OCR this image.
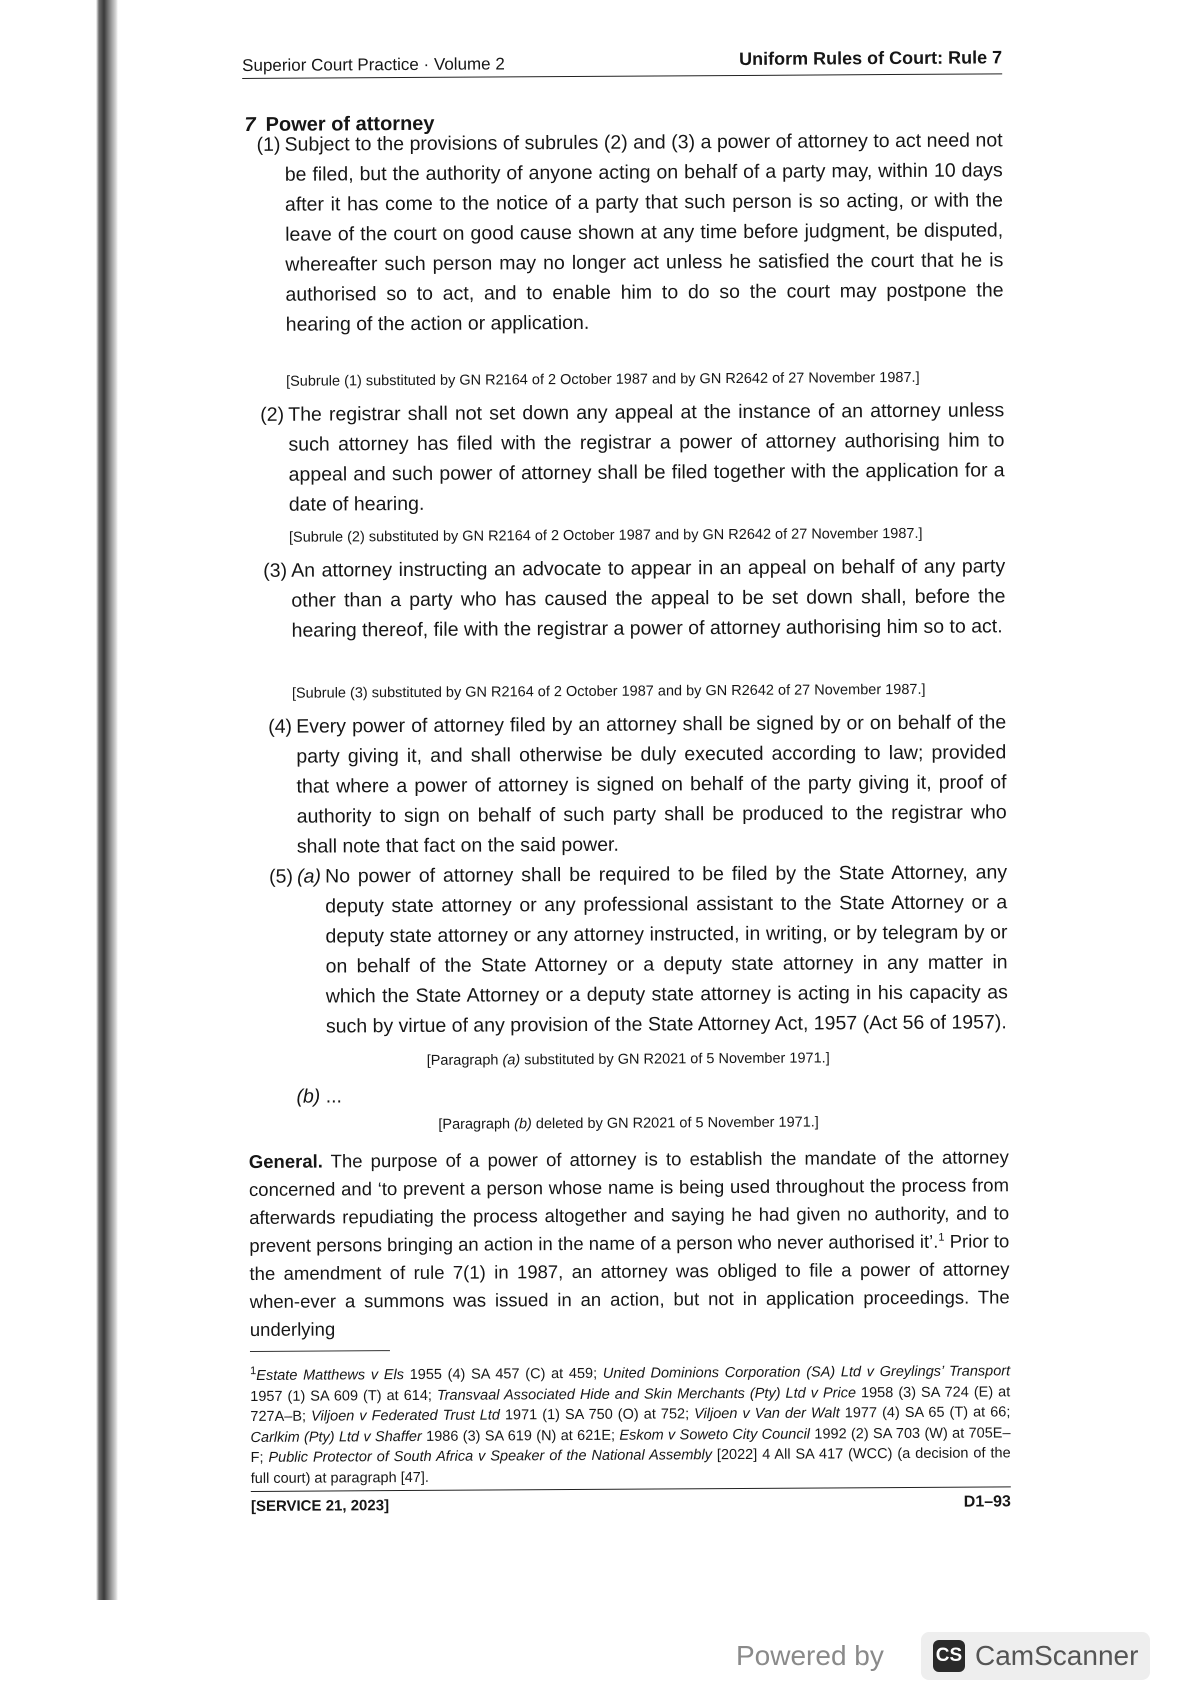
Superior Court Practice · Volume 2	Uniform Rules of Court: Rule 7
7 Power of attorney
(1) Subject to the provisions of subrules (2) and (3) a power of attorney to act need not be filed, but the authority of anyone acting on behalf of a party may, within 10 days after it has come to the notice of a party that such person is so acting, or with the leave of the court on good cause shown at any time before judgment, be disputed, whereafter such person may no longer act unless he satisfied the court that he is authorised so to act, and to enable him to do so the court may postpone the hearing of the action or application.
[Subrule (1) substituted by GN R2164 of 2 October 1987 and by GN R2642 of 27 November 1987.]
(2) The registrar shall not set down any appeal at the instance of an attorney unless such attorney has filed with the registrar a power of attorney authorising him to appeal and such power of attorney shall be filed together with the application for a date of hearing.
[Subrule (2) substituted by GN R2164 of 2 October 1987 and by GN R2642 of 27 November 1987.]
(3) An attorney instructing an advocate to appear in an appeal on behalf of any party other than a party who has caused the appeal to be set down shall, before the hearing thereof, file with the registrar a power of attorney authorising him so to act.
[Subrule (3) substituted by GN R2164 of 2 October 1987 and by GN R2642 of 27 November 1987.]
(4) Every power of attorney filed by an attorney shall be signed by or on behalf of the party giving it, and shall otherwise be duly executed according to law; provided that where a power of attorney is signed on behalf of the party giving it, proof of authority to sign on behalf of such party shall be produced to the registrar who shall note that fact on the said power.
(5) (a) No power of attorney shall be required to be filed by the State Attorney, any deputy state attorney or any professional assistant to the State Attorney or a deputy state attorney or any attorney instructed, in writing, or by telegram by or on behalf of the State Attorney or a deputy state attorney in any matter in which the State Attorney or a deputy state attorney is acting in his capacity as such by virtue of any provision of the State Attorney Act, 1957 (Act 56 of 1957).
[Paragraph (a) substituted by GN R2021 of 5 November 1971.]
(b) ...
[Paragraph (b) deleted by GN R2021 of 5 November 1971.]
General. The purpose of a power of attorney is to establish the mandate of the attorney concerned and ‘to prevent a person whose name is being used throughout the process from afterwards repudiating the process altogether and saying he had given no authority, and to prevent persons bringing an action in the name of a person who never authorised it’.$^1$ Prior to the amendment of rule 7(1) in 1987, an attorney was obliged to file a power of attorney when-ever a summons was issued in an action, but not in application proceedings. The underlying
$^1$Estate Matthews v Els 1955 (4) SA 457 (C) at 459; United Dominions Corporation (SA) Ltd v Greylings’ Transport 1957 (1) SA 609 (T) at 614; Transvaal Associated Hide and Skin Merchants (Pty) Ltd v Price 1958 (3) SA 724 (E) at 727A–B; Viljoen v Federated Trust Ltd 1971 (1) SA 750 (O) at 752; Viljoen v Van der Walt 1977 (4) SA 65 (T) at 66; Carlkim (Pty) Ltd v Shaffer 1986 (3) SA 619 (N) at 621E; Eskom v Soweto City Council 1992 (2) SA 703 (W) at 705E–F; Public Protector of South Africa v Speaker of the National Assembly [2022] 4 All SA 417 (WCC) (a decision of the full court) at paragraph [47].
[SERVICE 21, 2023]	D1–93
Powered by	CS CamScanner
